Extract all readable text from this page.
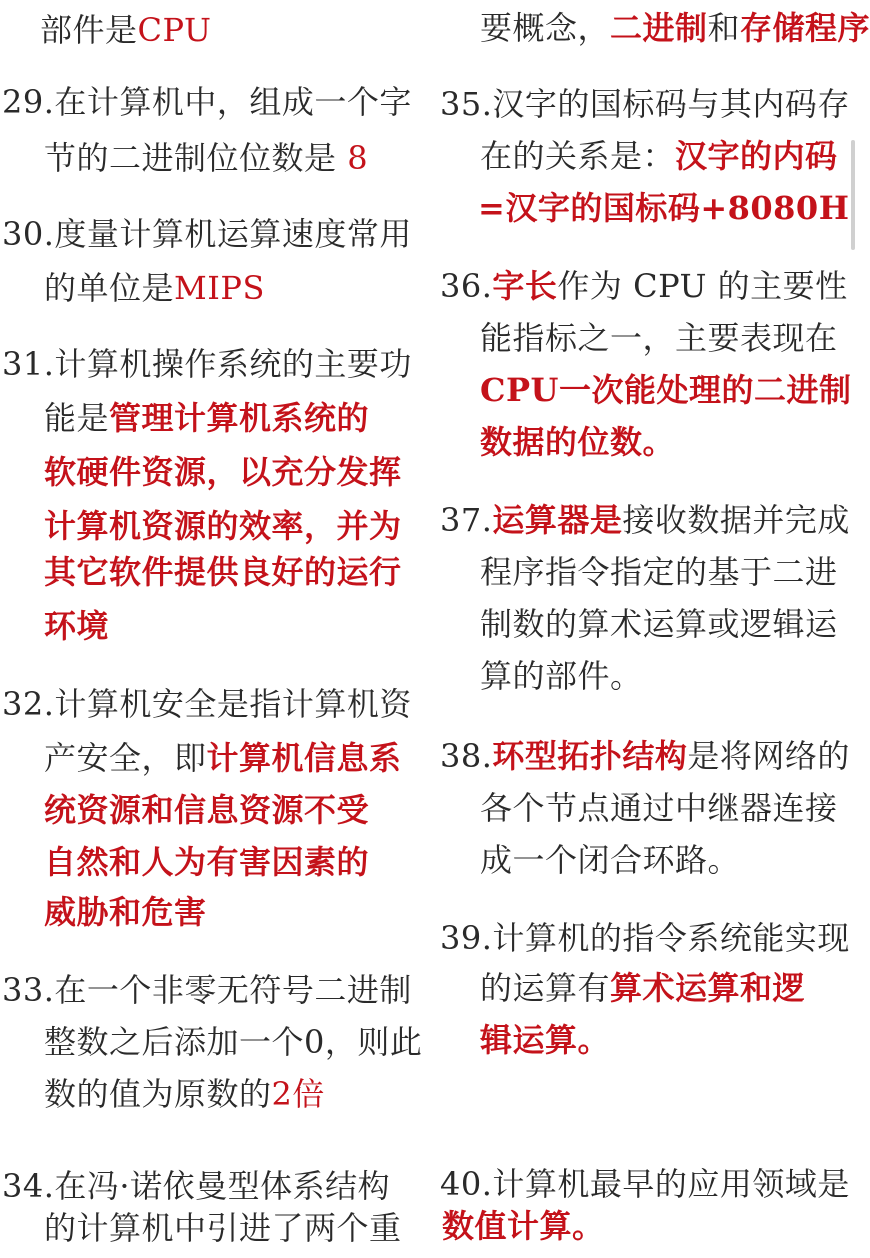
部件是CPU
29.在计算机中，组成一个字
节的二进制位位数是 8
30.度量计算机运算速度常用
的单位是MIPS
31.计算机操作系统的主要功
能是管理计算机系统的
软硬件资源，以充分发挥
计算机资源的效率，并为
其它软件提供良好的运行
环境
32.计算机安全是指计算机资
产安全，即计算机信息系
统资源和信息资源不受
自然和人为有害因素的
威胁和危害
33.在一个非零无符号二进制
整数之后添加一个0，则此
数的值为原数的2倍
34.在冯·诺依曼型体系结构
的计算机中引进了两个重
要概念，二进制和存储程序
35.汉字的国标码与其内码存
在的关系是：汉字的内码
=汉字的国标码+8080H
36.字长作为 CPU 的主要性
能指标之一，主要表现在
CPU一次能处理的二进制
数据的位数。
37.运算器是接收数据并完成
程序指令指定的基于二进
制数的算术运算或逻辑运
算的部件。
38.环型拓扑结构是将网络的
各个节点通过中继器连接
成一个闭合环路。
39.计算机的指令系统能实现
的运算有算术运算和逻
辑运算。
40.计算机最早的应用领域是
数值计算。
